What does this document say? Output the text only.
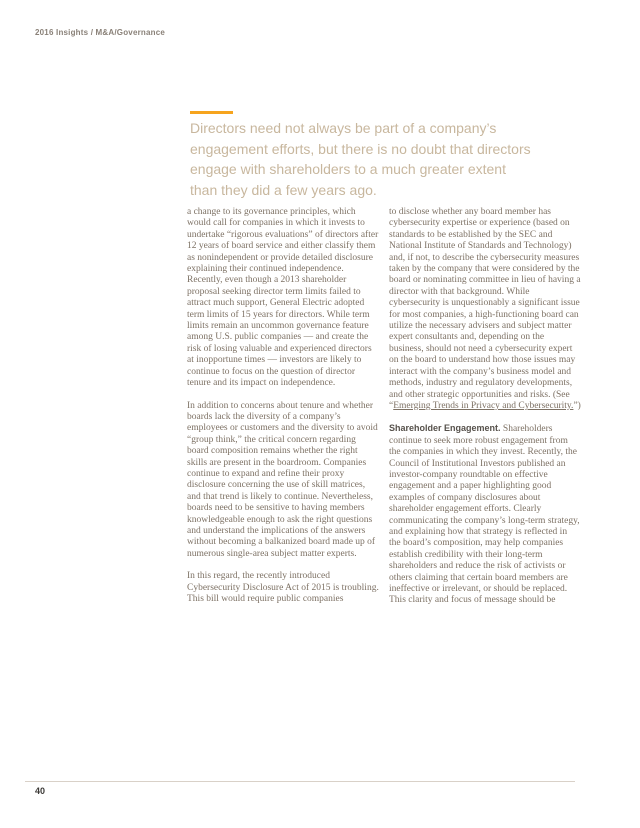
2016 Insights / M&A/Governance
Directors need not always be part of a company’s
engagement efforts, but there is no doubt that directors
engage with shareholders to a much greater extent
than they did a few years ago.

a change to its governance principles, which would call for companies in which it invests to undertake “rigorous evaluations” of directors after 12 years of board service and either classify them as nonindependent or provide detailed disclosure explaining their continued independence. Recently, even though a 2013 shareholder proposal seeking director term limits failed to attract much support, General Electric adopted term limits of 15 years for directors. While term limits remain an uncommon governance feature among U.S. public companies — and create the risk of losing valuable and experienced directors at inopportune times — investors are likely to continue to focus on the question of director tenure and its impact on independence.

In addition to concerns about tenure and whether boards lack the diversity of a company’s employees or customers and the diversity to avoid “group think,” the critical concern regarding board composition remains whether the right skills are present in the boardroom. Companies continue to expand and refine their proxy disclosure concerning the use of skill matrices, and that trend is likely to continue. Nevertheless, boards need to be sensitive to having members knowledgeable enough to ask the right questions and understand the implications of the answers without becoming a balkanized board made up of numerous single-area subject matter experts.

In this regard, the recently introduced Cybersecurity Disclosure Act of 2015 is troubling. This bill would require public companies

to disclose whether any board member has cybersecurity expertise or experience (based on standards to be established by the SEC and National Institute of Standards and Technology) and, if not, to describe the cybersecurity measures taken by the company that were considered by the board or nominating committee in lieu of having a director with that background. While cybersecurity is unquestionably a significant issue for most companies, a high-functioning board can utilize the necessary advisers and subject matter expert consultants and, depending on the business, should not need a cybersecurity expert on the board to understand how those issues may interact with the company’s business model and methods, industry and regulatory developments, and other strategic opportunities and risks. (See “Emerging Trends in Privacy and Cybersecurity.”)

Shareholder Engagement. Shareholders continue to seek more robust engagement from the companies in which they invest. Recently, the Council of Institutional Investors published an investor-company roundtable on effective engagement and a paper highlighting good examples of company disclosures about shareholder engagement efforts. Clearly communicating the company’s long-term strategy, and explaining how that strategy is reflected in the board’s composition, may help companies establish credibility with their long-term shareholders and reduce the risk of activists or others claiming that certain board members are ineffective or irrelevant, or should be replaced. This clarity and focus of message should be

40
